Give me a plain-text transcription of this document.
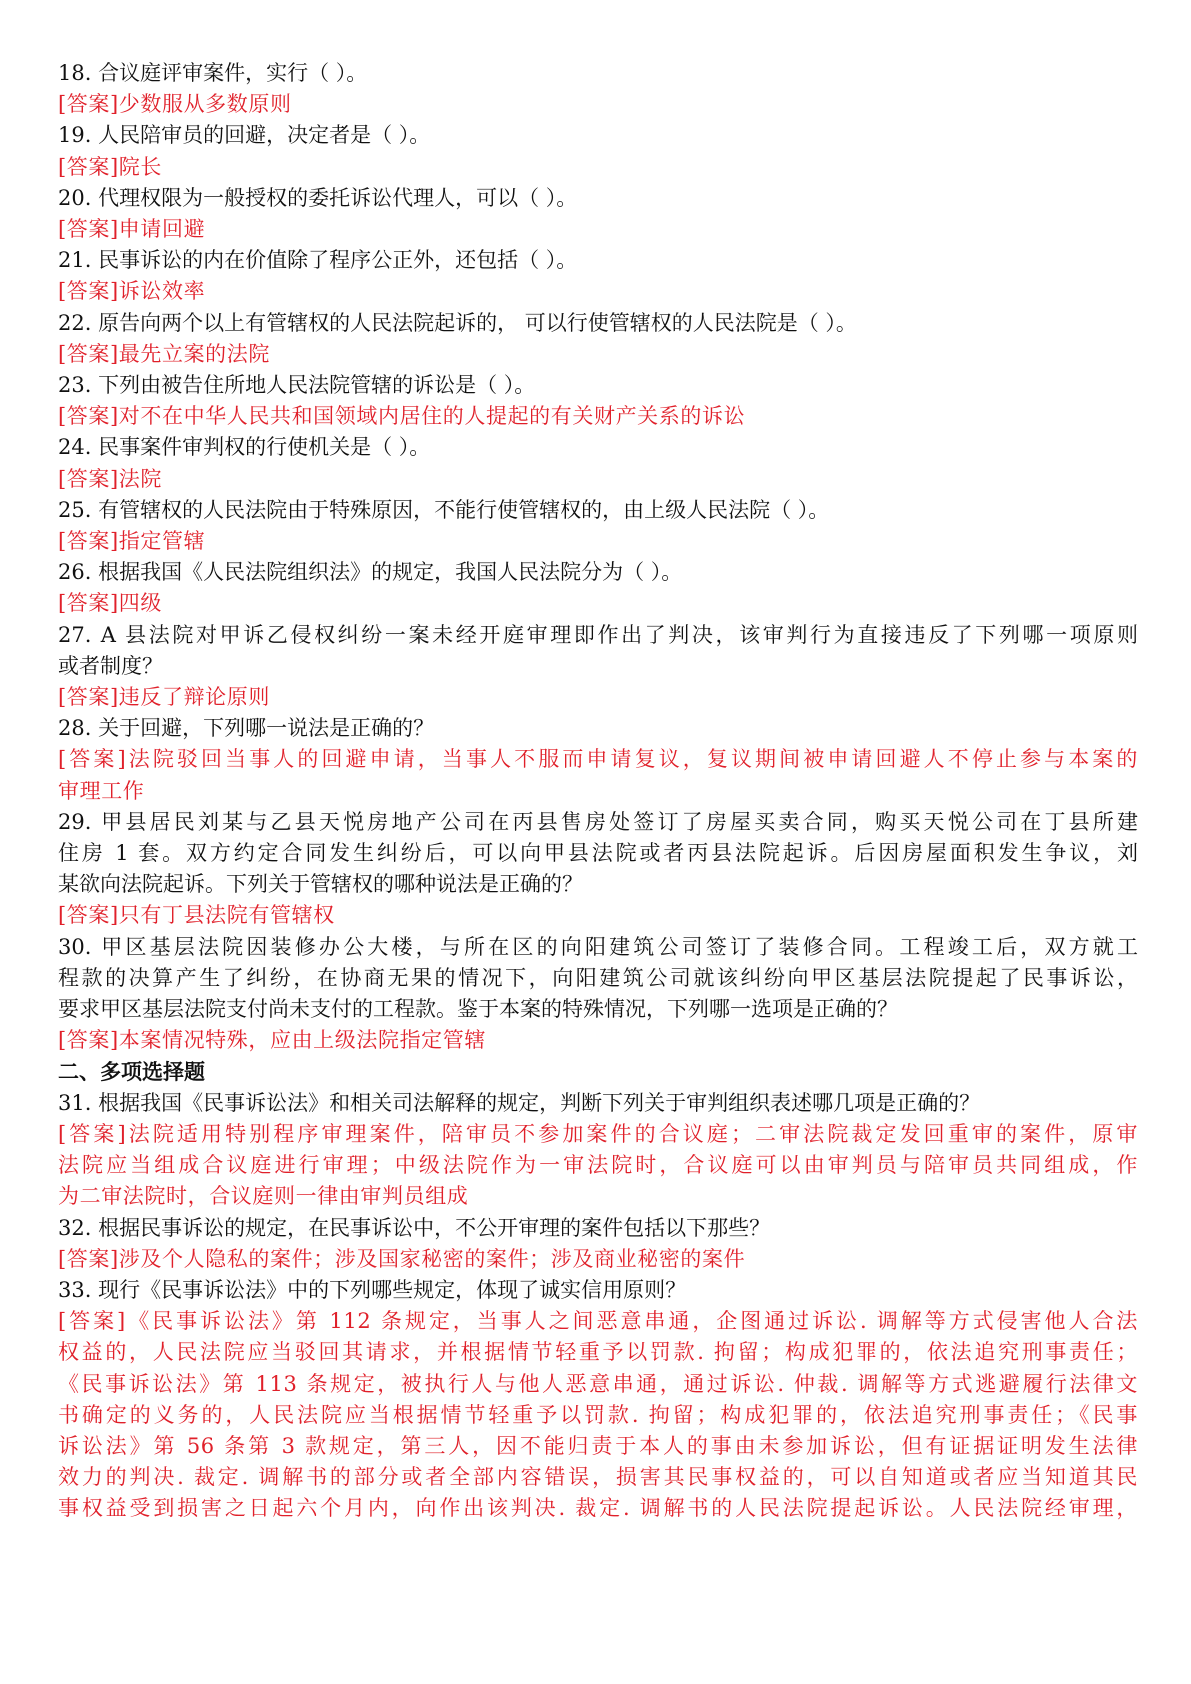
18. 合议庭评审案件，实行（ ）。
[答案]少数服从多数原则
19. 人民陪审员的回避，决定者是（ ）。
[答案]院长
20. 代理权限为一般授权的委托诉讼代理人，可以（ ）。
[答案]申请回避
21. 民事诉讼的内在价值除了程序公正外，还包括（ ）。
[答案]诉讼效率
22. 原告向两个以上有管辖权的人民法院起诉的， 可以行使管辖权的人民法院是（ ）。
[答案]最先立案的法院
23. 下列由被告住所地人民法院管辖的诉讼是（ ）。
[答案]对不在中华人民共和国领域内居住的人提起的有关财产关系的诉讼
24. 民事案件审判权的行使机关是（ ）。
[答案]法院
25. 有管辖权的人民法院由于特殊原因，不能行使管辖权的，由上级人民法院（ ）。
[答案]指定管辖
26. 根据我国《人民法院组织法》的规定，我国人民法院分为（ ）。
[答案]四级
27. A 县法院对甲诉乙侵权纠纷一案未经开庭审理即作出了判决，该审判行为直接违反了下列哪一项原则
或者制度？
[答案]违反了辩论原则
28. 关于回避，下列哪一说法是正确的？
[答案]法院驳回当事人的回避申请，当事人不服而申请复议，复议期间被申请回避人不停止参与本案的
审理工作
29. 甲县居民刘某与乙县天悦房地产公司在丙县售房处签订了房屋买卖合同，购买天悦公司在丁县所建
住房 1 套。双方约定合同发生纠纷后，可以向甲县法院或者丙县法院起诉。后因房屋面积发生争议，刘
某欲向法院起诉。下列关于管辖权的哪种说法是正确的？
[答案]只有丁县法院有管辖权
30. 甲区基层法院因装修办公大楼，与所在区的向阳建筑公司签订了装修合同。工程竣工后，双方就工
程款的决算产生了纠纷，在协商无果的情况下，向阳建筑公司就该纠纷向甲区基层法院提起了民事诉讼，
要求甲区基层法院支付尚未支付的工程款。鉴于本案的特殊情况，下列哪一选项是正确的？
[答案]本案情况特殊，应由上级法院指定管辖
二、多项选择题
31. 根据我国《民事诉讼法》和相关司法解释的规定，判断下列关于审判组织表述哪几项是正确的？
[答案]法院适用特别程序审理案件，陪审员不参加案件的合议庭；二审法院裁定发回重审的案件，原审
法院应当组成合议庭进行审理；中级法院作为一审法院时，合议庭可以由审判员与陪审员共同组成，作
为二审法院时，合议庭则一律由审判员组成
32. 根据民事诉讼的规定，在民事诉讼中，不公开审理的案件包括以下那些？
[答案]涉及个人隐私的案件；涉及国家秘密的案件；涉及商业秘密的案件
33. 现行《民事诉讼法》中的下列哪些规定，体现了诚实信用原则？
[答案]《民事诉讼法》第 112 条规定，当事人之间恶意串通，企图通过诉讼. 调解等方式侵害他人合法
权益的，人民法院应当驳回其请求，并根据情节轻重予以罚款. 拘留；构成犯罪的，依法追究刑事责任；
《民事诉讼法》第 113 条规定，被执行人与他人恶意串通，通过诉讼. 仲裁. 调解等方式逃避履行法律文
书确定的义务的，人民法院应当根据情节轻重予以罚款. 拘留；构成犯罪的，依法追究刑事责任；《民事
诉讼法》第 56 条第 3 款规定，第三人，因不能归责于本人的事由未参加诉讼，但有证据证明发生法律
效力的判决. 裁定. 调解书的部分或者全部内容错误，损害其民事权益的，可以自知道或者应当知道其民
事权益受到损害之日起六个月内，向作出该判决. 裁定. 调解书的人民法院提起诉讼。人民法院经审理，
